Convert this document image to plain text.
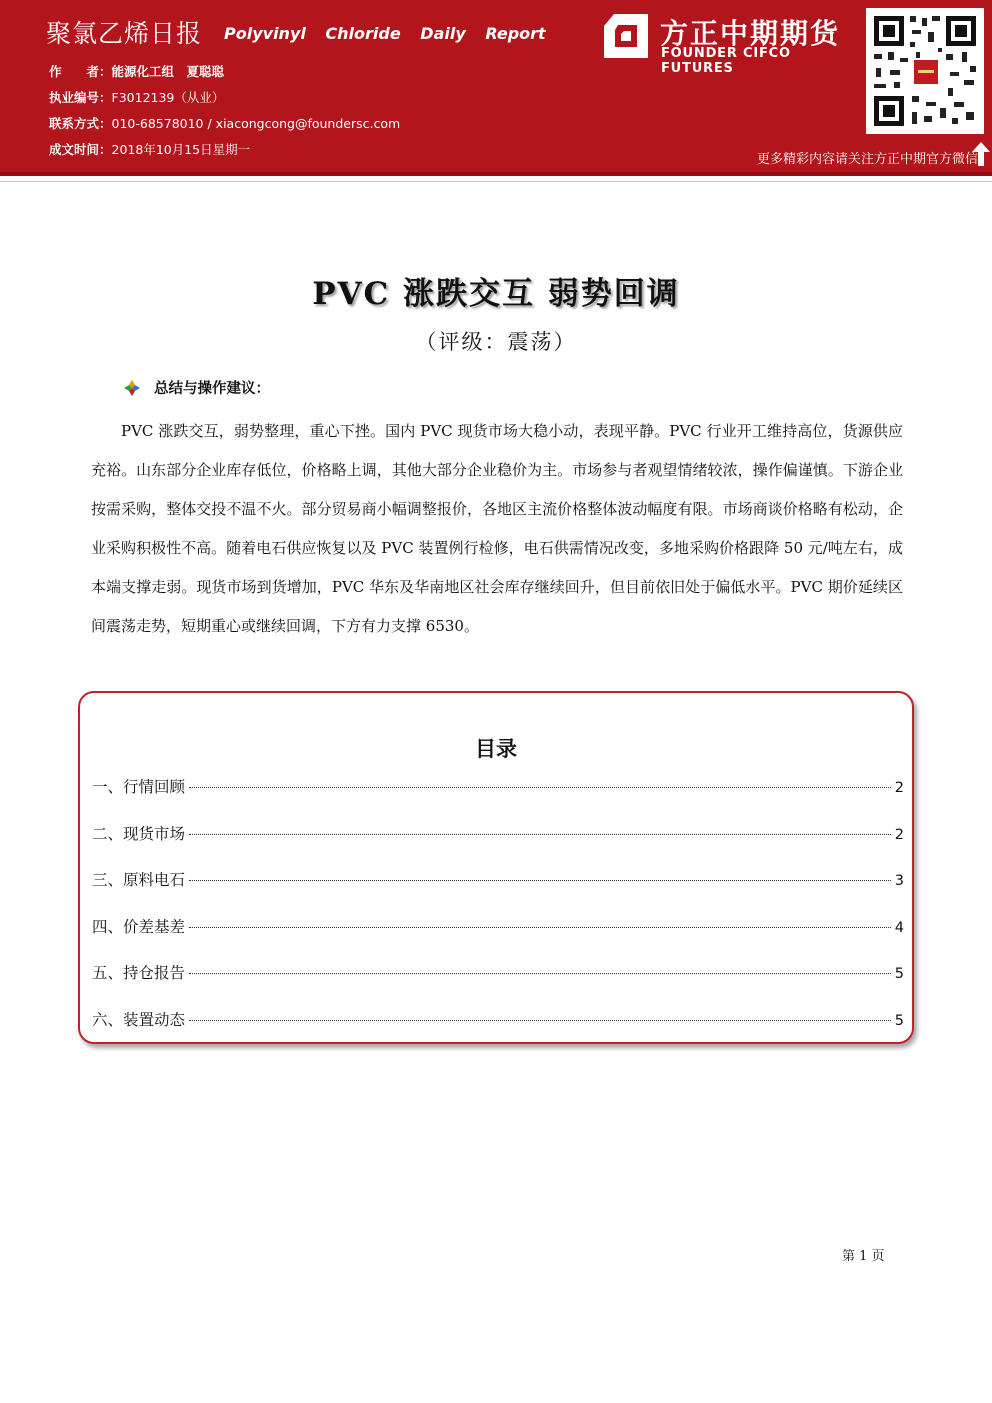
聚氯乙烯日报 Polyvinyl Chloride Daily Report
作　　者：能源化工组　夏聪聪
执业编号：F3012139（从业）
联系方式：010-68578010 / xiacongcong@foundersc.com
成文时间：2018年10月15日星期一
方正中期期货
FOUNDER CIFCO FUTURES
更多精彩内容请关注方正中期官方微信
PVC 涨跌交互 弱势回调
（评级：震荡）
总结与操作建议：
PVC 涨跌交互，弱势整理，重心下挫。国内 PVC 现货市场大稳小动，表现平静。PVC 行业开工维持高位，货源供应充裕。山东部分企业库存低位，价格略上调，其他大部分企业稳价为主。市场参与者观望情绪较浓，操作偏谨慎。下游企业按需采购，整体交投不温不火。部分贸易商小幅调整报价，各地区主流价格整体波动幅度有限。市场商谈价格略有松动，企业采购积极性不高。随着电石供应恢复以及 PVC 装置例行检修，电石供需情况改变，多地采购价格跟降 50 元/吨左右，成本端支撑走弱。现货市场到货增加，PVC 华东及华南地区社会库存继续回升，但目前依旧处于偏低水平。PVC 期价延续区间震荡走势，短期重心或继续回调，下方有力支撑 6530。
目录
一、行情回顾	2
二、现货市场	2
三、原料电石	3
四、价差基差	4
五、持仓报告	5
六、装置动态	5
第 1 页
